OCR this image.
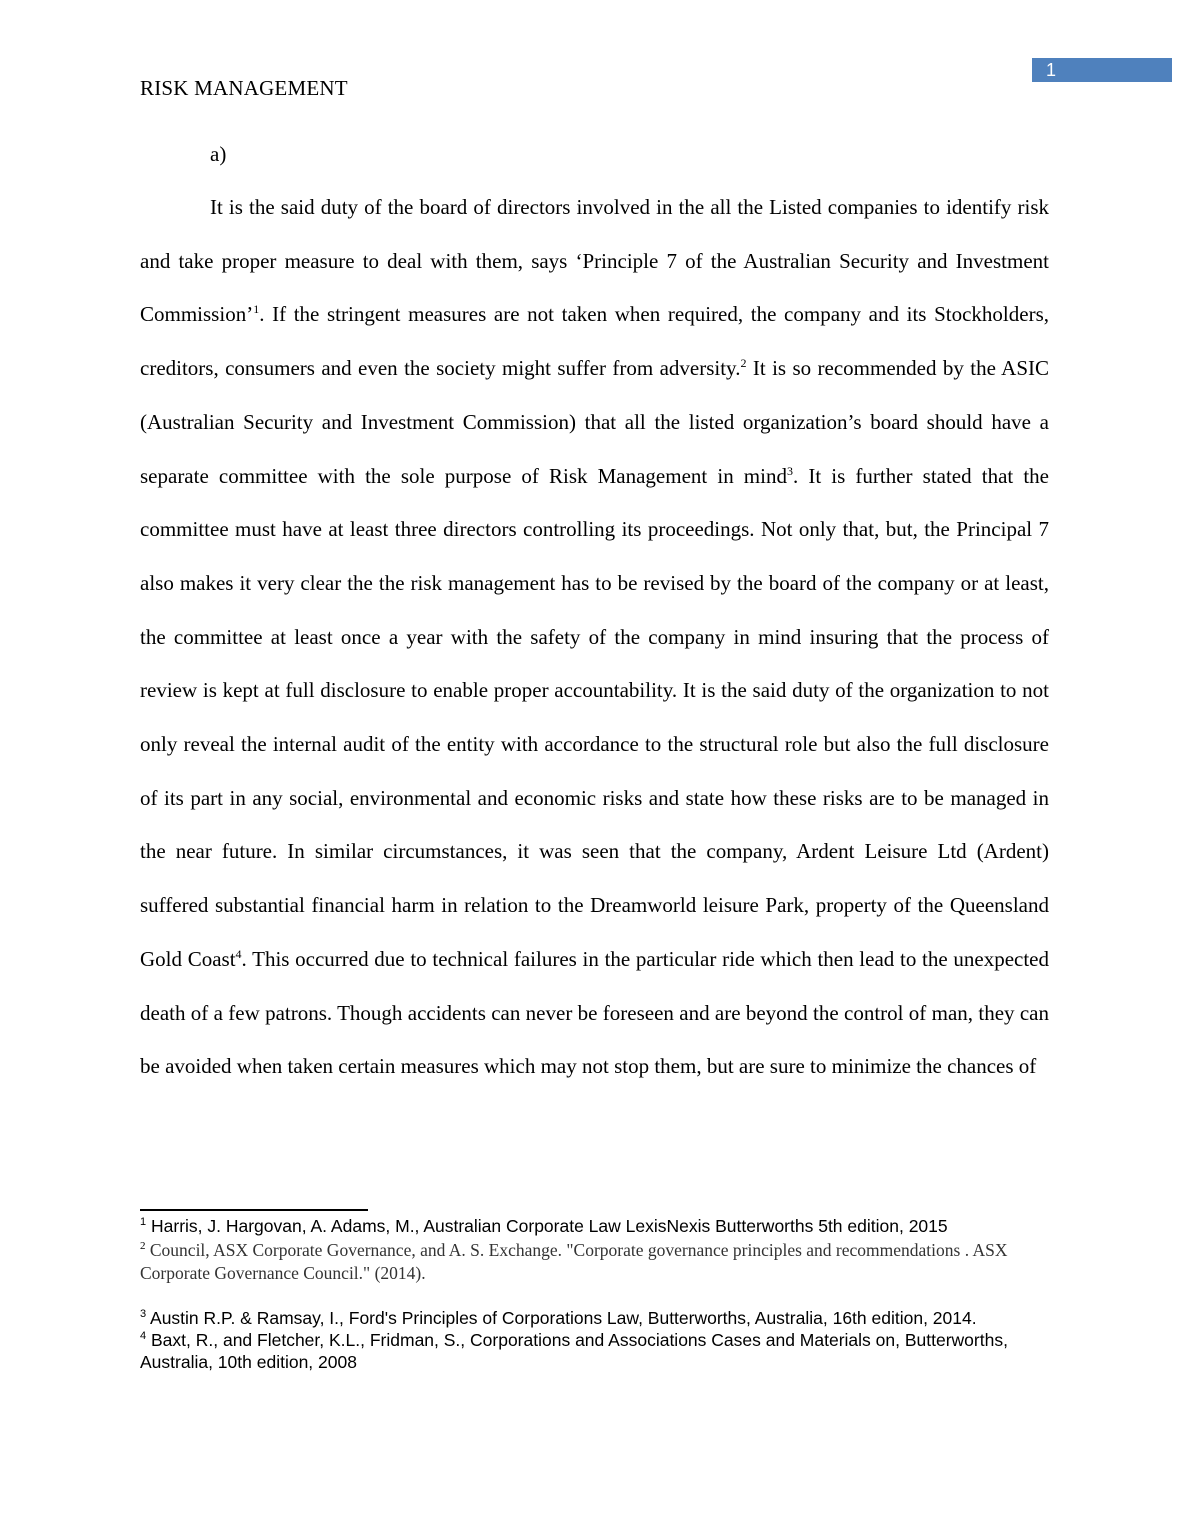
1
RISK MANAGEMENT
a)

It is the said duty of the board of directors involved in the all the Listed companies to identify risk and take proper measure to deal with them, says ‘Principle 7 of the Australian Security and Investment Commission’$^1$. If the stringent measures are not taken when required, the company and its Stockholders, creditors, consumers and even the society might suffer from adversity.$^2$ It is so recommended by the ASIC (Australian Security and Investment Commission) that all the listed organization’s board should have a separate committee with the sole purpose of Risk Management in mind$^3$. It is further stated that the committee must have at least three directors controlling its proceedings. Not only that, but, the Principal 7 also makes it very clear the the risk management has to be revised by the board of the company or at least, the committee at least once a year with the safety of the company in mind insuring that the process of review is kept at full disclosure to enable proper accountability. It is the said duty of the organization to not only reveal the internal audit of the entity with accordance to the structural role but also the full disclosure of its part in any social, environmental and economic risks and state how these risks are to be managed in the near future. In similar circumstances, it was seen that the company, Ardent Leisure Ltd (Ardent) suffered substantial financial harm in relation to the Dreamworld leisure Park, property of the Queensland Gold Coast$^4$. This occurred due to technical failures in the particular ride which then lead to the unexpected death of a few patrons. Though accidents can never be foreseen and are beyond the control of man, they can be avoided when taken certain measures which may not stop them, but are sure to minimize the chances of

$^1$ Harris, J. Hargovan, A. Adams, M., Australian Corporate Law LexisNexis Butterworths 5th edition, 2015

$^2$ Council, ASX Corporate Governance, and A. S. Exchange. "Corporate governance principles and recommendations . ASX Corporate Governance Council." (2014).

$^3$ Austin R.P. & Ramsay, I., Ford's Principles of Corporations Law, Butterworths, Australia, 16th edition, 2014.

$^4$ Baxt, R., and Fletcher, K.L., Fridman, S., Corporations and Associations Cases and Materials on, Butterworths, Australia, 10th edition, 2008
